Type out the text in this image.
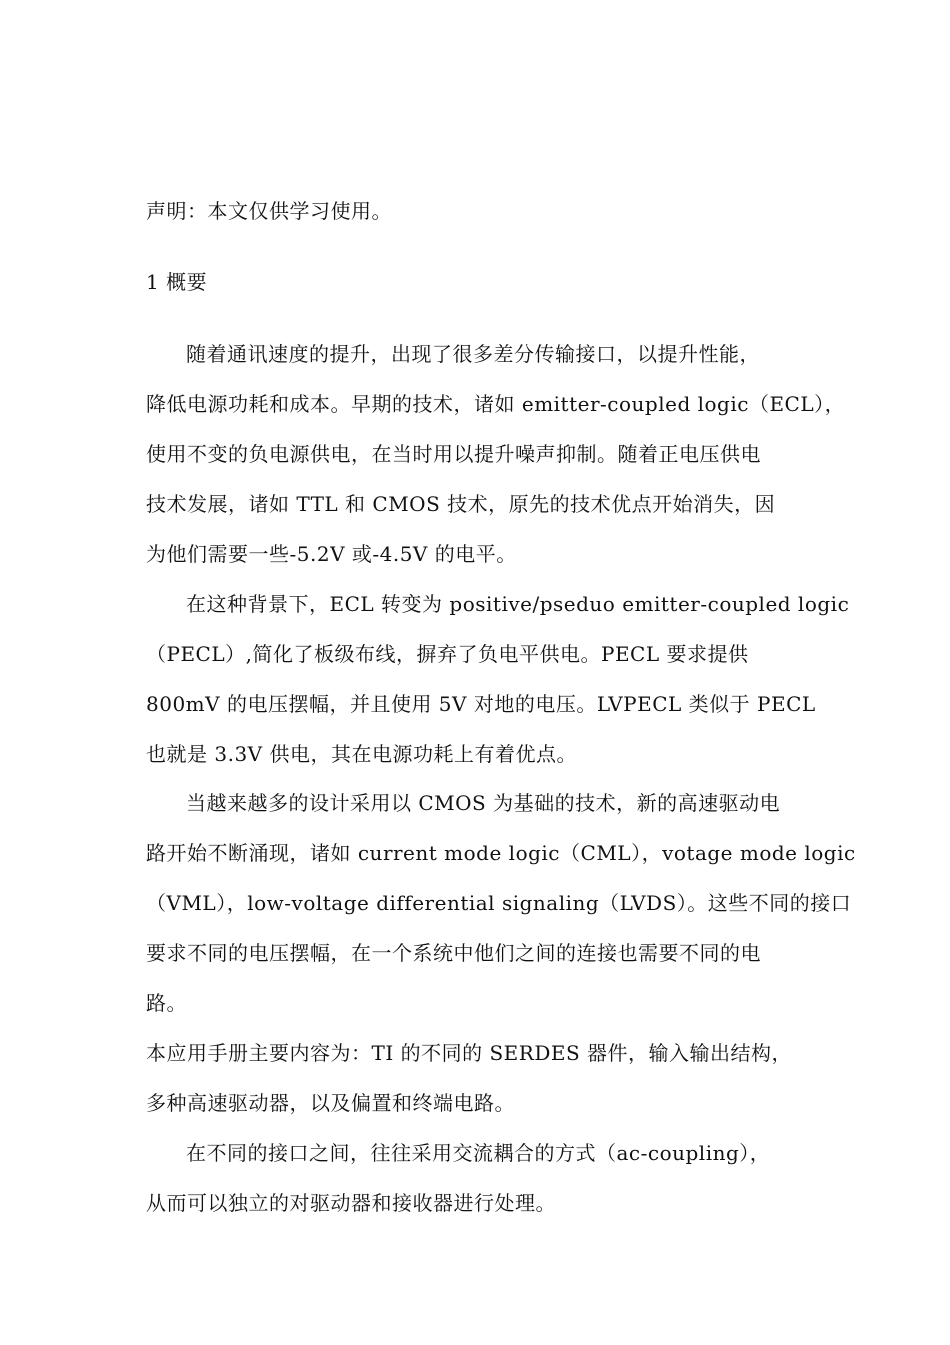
声明：本文仅供学习使用。
1 概要
随着通讯速度的提升，出现了很多差分传输接口，以提升性能，
降低电源功耗和成本。早期的技术，诸如 emitter-coupled logic（ECL），
使用不变的负电源供电，在当时用以提升噪声抑制。随着正电压供电
技术发展，诸如 TTL 和 CMOS 技术，原先的技术优点开始消失，因
为他们需要一些-5.2V 或-4.5V 的电平。
在这种背景下，ECL 转变为 positive/pseduo emitter-coupled logic
（PECL）,简化了板级布线，摒弃了负电平供电。PECL 要求提供
800mV 的电压摆幅，并且使用 5V 对地的电压。LVPECL 类似于 PECL
也就是 3.3V 供电，其在电源功耗上有着优点。
当越来越多的设计采用以 CMOS 为基础的技术，新的高速驱动电
路开始不断涌现，诸如 current mode logic（CML），votage mode logic
（VML），low-voltage differential signaling（LVDS）。这些不同的接口
要求不同的电压摆幅，在一个系统中他们之间的连接也需要不同的电
路。
本应用手册主要内容为：TI 的不同的 SERDES 器件，输入输出结构，
多种高速驱动器，以及偏置和终端电路。
在不同的接口之间，往往采用交流耦合的方式（ac-coupling），
从而可以独立的对驱动器和接收器进行处理。
